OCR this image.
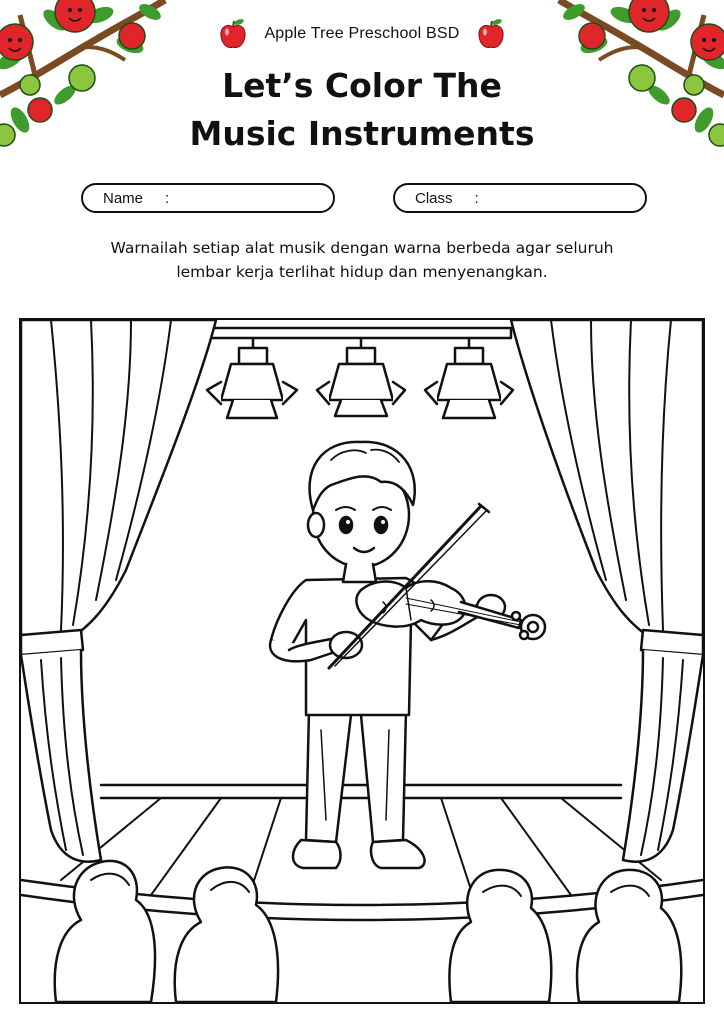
Apple Tree Preschool BSD
Let’s Color The
Music Instruments
Name :	Class :
Warnailah setiap alat musik dengan warna berbeda agar seluruh
lembar kerja terlihat hidup dan menyenangkan.
